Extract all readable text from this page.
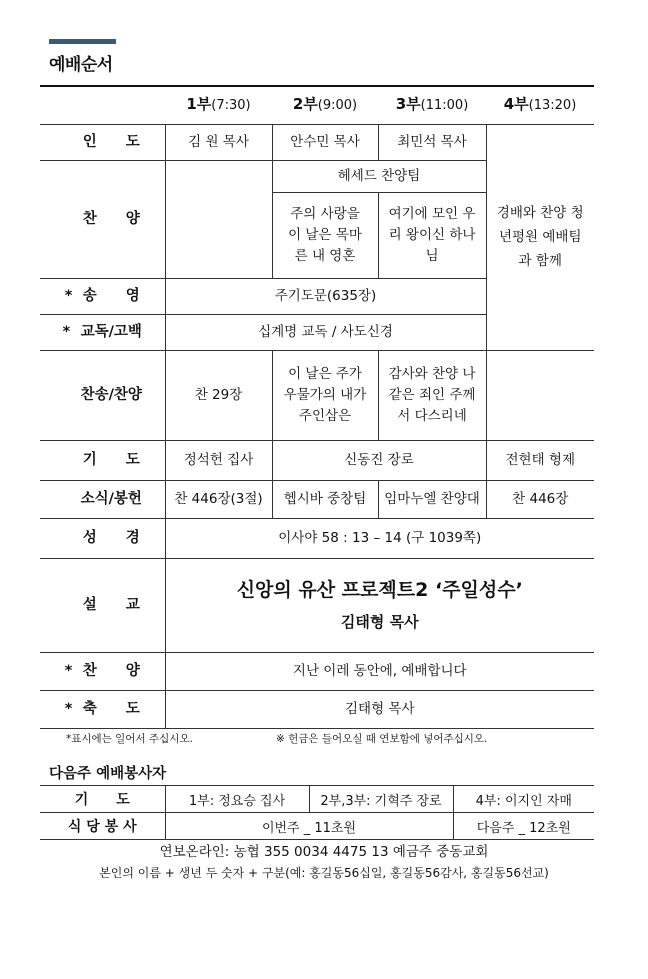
예배순서
	1부(7:30)	2부(9:00)	3부(11:00)	4부(13:20)
인　　도	김 원 목사	안수민 목사	최민석 목사	경배와 찬양 청년평원 예배팀과 함께
찬　　양		헤세드 찬양팀		
		주의 사랑을 이 날은 목마른 내 영혼	여기에 모인 우리 왕이신 하나님	
* 송　　영	주기도문(635장)			
* 교독/고백	십계명 교독 / 사도신경			
찬송/찬양	찬 29장	이 날은 주가 우물가의 내가 주인삼은	감사와 찬양 나 같은 죄인 주께서 다스리네	
기　　도	정석헌 집사	신동진 장로		전현태 형제
소식/봉헌	찬 446장(3절)	헵시바 중창팀	임마누엘 찬양대	찬 446장
성　　경	이사야 58 : 13 – 14 (구 1039쪽)			
설　　교	신앙의 유산 프로젝트2 ‘주일성수’
김태형 목사			

* 찬　　양	지난 이레 동안에, 예배합니다			
* 축　　도	김태형 목사			
*표시에는 일어서 주십시오.	※ 헌금은 들어오실 때 연보함에 넣어주십시오.
다음주 예배봉사자
기　　도	1부: 정요승 집사	2부,3부: 기혁주 장로	4부: 이지인 자매
식 당 봉 사	이번주 _ 11초원		다음주 _ 12초원
연보온라인: 농협 355 0034 4475 13 예금주 중동교회
본인의 이름 + 생년 두 숫자 + 구분(예: 홍길동56십일, 홍길동56감사, 홍길동56선교)
